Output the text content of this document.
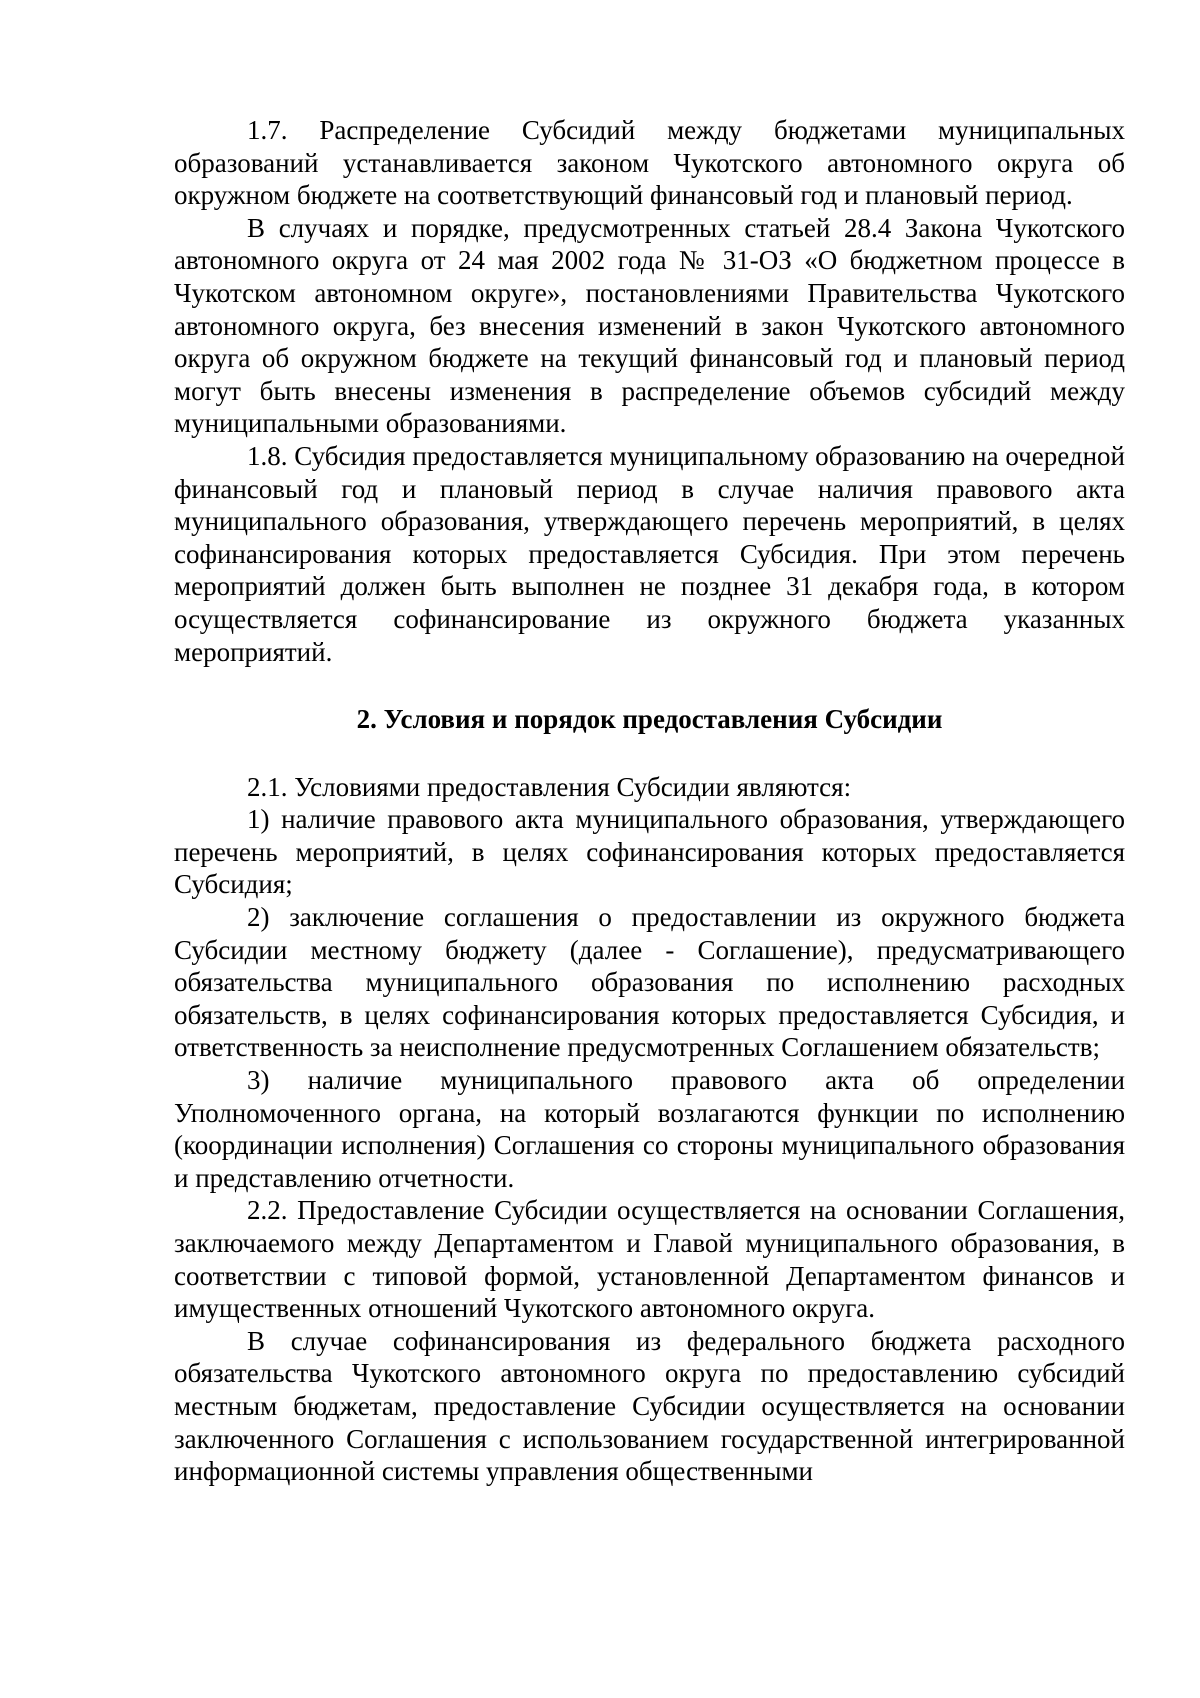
1.7. Распределение Субсидий между бюджетами муниципальных образований устанавливается законом Чукотского автономного округа об окружном бюджете на соответствующий финансовый год и плановый период.

В случаях и порядке, предусмотренных статьей 28.4 Закона Чукотского автономного округа от 24 мая 2002 года № 31-ОЗ «О бюджетном процессе в Чукотском автономном округе», постановлениями Правительства Чукотского автономного округа, без внесения изменений в закон Чукотского автономного округа об окружном бюджете на текущий финансовый год и плановый период могут быть внесены изменения в распределение объемов субсидий между муниципальными образованиями.

1.8. Субсидия предоставляется муниципальному образованию на очередной финансовый год и плановый период в случае наличия правового акта муниципального образования, утверждающего перечень мероприятий, в целях софинансирования которых предоставляется Субсидия. При этом перечень мероприятий должен быть выполнен не позднее 31 декабря года, в котором осуществляется софинансирование из окружного бюджета указанных мероприятий.

2. Условия и порядок предоставления Субсидии

2.1. Условиями предоставления Субсидии являются:

1) наличие правового акта муниципального образования, утверждающего перечень мероприятий, в целях софинансирования которых предоставляется Субсидия;

2) заключение соглашения о предоставлении из окружного бюджета Субсидии местному бюджету (далее - Соглашение), предусматривающего обязательства муниципального образования по исполнению расходных обязательств, в целях софинансирования которых предоставляется Субсидия, и ответственность за неисполнение предусмотренных Соглашением обязательств;

3) наличие муниципального правового акта об определении Уполномоченного органа, на который возлагаются функции по исполнению (координации исполнения) Соглашения со стороны муниципального образования и представлению отчетности.

2.2. Предоставление Субсидии осуществляется на основании Соглашения, заключаемого между Департаментом и Главой муниципального образования, в соответствии с типовой формой, установленной Департаментом финансов и имущественных отношений Чукотского автономного округа.

В случае софинансирования из федерального бюджета расходного обязательства Чукотского автономного округа по предоставлению субсидий местным бюджетам, предоставление Субсидии осуществляется на основании заключенного Соглашения с использованием государственной интегрированной информационной системы управления общественными
